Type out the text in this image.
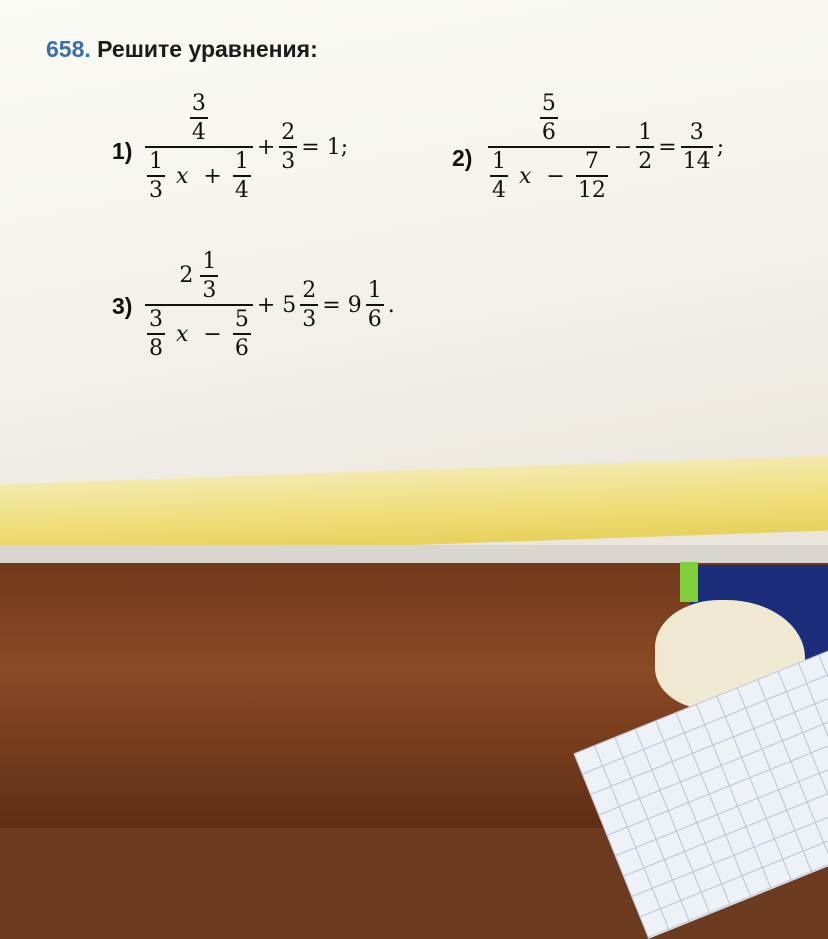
658. Решите уравнения:
1)
$\frac{3}{4}$
$\frac{1}{3}$ $x + \frac{1}{4}$
+
2
3
= 1;	2)
$\frac{5}{6}$
$\frac{1}{4}$ $x - \frac{7}{12}$
−
1
2
=
3
14
;
3)
$2 \frac{1}{3}$
$\frac{3}{8}$ $x - \frac{5}{6}$
+ 5
2
3
= 9
1
6
.
